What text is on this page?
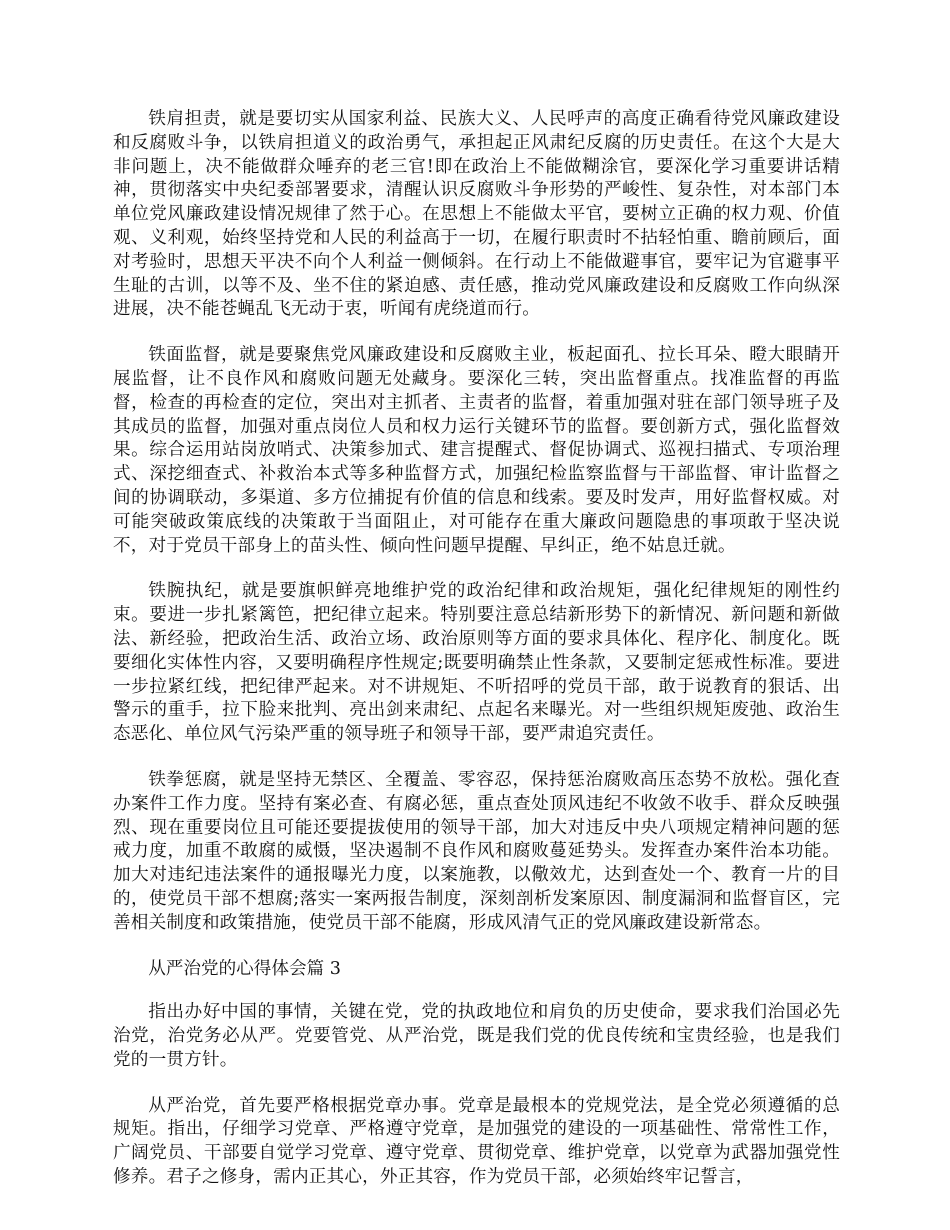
铁肩担责，就是要切实从国家利益、民族大义、人民呼声的高度正确看待党风廉政建设和反腐败斗争，以铁肩担道义的政治勇气，承担起正风肃纪反腐的历史责任。在这个大是大非问题上，决不能做群众唾弃的老三官!即在政治上不能做糊涂官，要深化学习重要讲话精神，贯彻落实中央纪委部署要求，清醒认识反腐败斗争形势的严峻性、复杂性，对本部门本单位党风廉政建设情况规律了然于心。在思想上不能做太平官，要树立正确的权力观、价值观、义利观，始终坚持党和人民的利益高于一切，在履行职责时不拈轻怕重、瞻前顾后，面对考验时，思想天平决不向个人利益一侧倾斜。在行动上不能做避事官，要牢记为官避事平生耻的古训，以等不及、坐不住的紧迫感、责任感，推动党风廉政建设和反腐败工作向纵深进展，决不能苍蝇乱飞无动于衷，听闻有虎绕道而行。

铁面监督，就是要聚焦党风廉政建设和反腐败主业，板起面孔、拉长耳朵、瞪大眼睛开展监督，让不良作风和腐败问题无处藏身。要深化三转，突出监督重点。找准监督的再监督，检查的再检查的定位，突出对主抓者、主责者的监督，着重加强对驻在部门领导班子及其成员的监督，加强对重点岗位人员和权力运行关键环节的监督。要创新方式，强化监督效果。综合运用站岗放哨式、决策参加式、建言提醒式、督促协调式、巡视扫描式、专项治理式、深挖细查式、补救治本式等多种监督方式，加强纪检监察监督与干部监督、审计监督之间的协调联动，多渠道、多方位捕捉有价值的信息和线索。要及时发声，用好监督权威。对可能突破政策底线的决策敢于当面阻止，对可能存在重大廉政问题隐患的事项敢于坚决说不，对于党员干部身上的苗头性、倾向性问题早提醒、早纠正，绝不姑息迁就。

铁腕执纪，就是要旗帜鲜亮地维护党的政治纪律和政治规矩，强化纪律规矩的刚性约束。要进一步扎紧篱笆，把纪律立起来。特别要注意总结新形势下的新情况、新问题和新做法、新经验，把政治生活、政治立场、政治原则等方面的要求具体化、程序化、制度化。既要细化实体性内容，又要明确程序性规定;既要明确禁止性条款，又要制定惩戒性标准。要进一步拉紧红线，把纪律严起来。对不讲规矩、不听招呼的党员干部，敢于说教育的狠话、出警示的重手，拉下脸来批判、亮出剑来肃纪、点起名来曝光。对一些组织规矩废弛、政治生态恶化、单位风气污染严重的领导班子和领导干部，要严肃追究责任。

铁拳惩腐，就是坚持无禁区、全覆盖、零容忍，保持惩治腐败高压态势不放松。强化查办案件工作力度。坚持有案必查、有腐必惩，重点查处顶风违纪不收敛不收手、群众反映强烈、现在重要岗位且可能还要提拔使用的领导干部，加大对违反中央八项规定精神问题的惩戒力度，加重不敢腐的威慑，坚决遏制不良作风和腐败蔓延势头。发挥查办案件治本功能。加大对违纪违法案件的通报曝光力度，以案施教，以儆效尤，达到查处一个、教育一片的目的，使党员干部不想腐;落实一案两报告制度，深刻剖析发案原因、制度漏洞和监督盲区，完善相关制度和政策措施，使党员干部不能腐，形成风清气正的党风廉政建设新常态。

从严治党的心得体会篇 3

指出办好中国的事情，关键在党，党的执政地位和肩负的历史使命，要求我们治国必先治党，治党务必从严。党要管党、从严治党，既是我们党的优良传统和宝贵经验，也是我们党的一贯方针。

从严治党，首先要严格根据党章办事。党章是最根本的党规党法，是全党必须遵循的总规矩。指出，仔细学习党章、严格遵守党章，是加强党的建设的一项基础性、常常性工作，广阔党员、干部要自觉学习党章、遵守党章、贯彻党章、维护党章，以党章为武器加强党性修养。君子之修身，需内正其心，外正其容，作为党员干部，必须始终牢记誓言，
